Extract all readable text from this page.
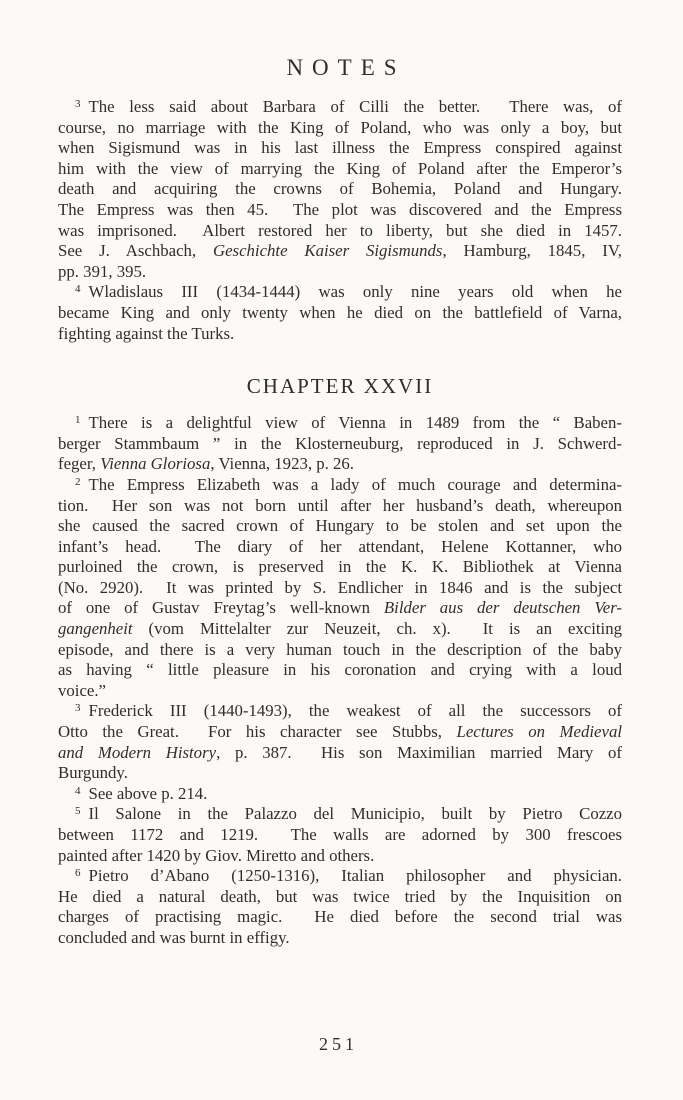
NOTES
$^3$ The less said about Barbara of Cilli the better.  There was, of
course, no marriage with the King of Poland, who was only a boy, but
when Sigismund was in his last illness the Empress conspired against
him with the view of marrying the King of Poland after the Emperor’s
death and acquiring the crowns of Bohemia, Poland and Hungary.
The Empress was then 45.  The plot was discovered and the Empress
was imprisoned.  Albert restored her to liberty, but she died in 1457.
See J. Aschbach, Geschichte Kaiser Sigismunds, Hamburg, 1845, IV,
pp. 391, 395.
$^4$ Wladislaus III (1434-1444) was only nine years old when he
became King and only twenty when he died on the battlefield of Varna,
fighting against the Turks.
CHAPTER XXVII
$^1$ There is a delightful view of Vienna in 1489 from the “ Baben-
berger Stammbaum ” in the Klosterneuburg, reproduced in J. Schwerd-
feger, Vienna Gloriosa, Vienna, 1923, p. 26.
$^2$ The Empress Elizabeth was a lady of much courage and determina-
tion.  Her son was not born until after her husband’s death, whereupon
she caused the sacred crown of Hungary to be stolen and set upon the
infant’s head.  The diary of her attendant, Helene Kottanner, who
purloined the crown, is preserved in the K. K. Bibliothek at Vienna
(No. 2920).  It was printed by S. Endlicher in 1846 and is the subject
of one of Gustav Freytag’s well-known Bilder aus der deutschen Ver-
gangenheit (vom Mittelalter zur Neuzeit, ch. x).  It is an exciting
episode, and there is a very human touch in the description of the baby
as having “ little pleasure in his coronation and crying with a loud
voice.”
$^3$ Frederick III (1440-1493), the weakest of all the successors of
Otto the Great.  For his character see Stubbs, Lectures on Medieval
and Modern History, p. 387.  His son Maximilian married Mary of
Burgundy.
$^4$ See above p. 214.
$^5$ Il Salone in the Palazzo del Municipio, built by Pietro Cozzo
between 1172 and 1219.  The walls are adorned by 300 frescoes
painted after 1420 by Giov. Miretto and others.
$^6$ Pietro d’Abano (1250-1316), Italian philosopher and physician.
He died a natural death, but was twice tried by the Inquisition on
charges of practising magic.  He died before the second trial was
concluded and was burnt in effigy.
251
